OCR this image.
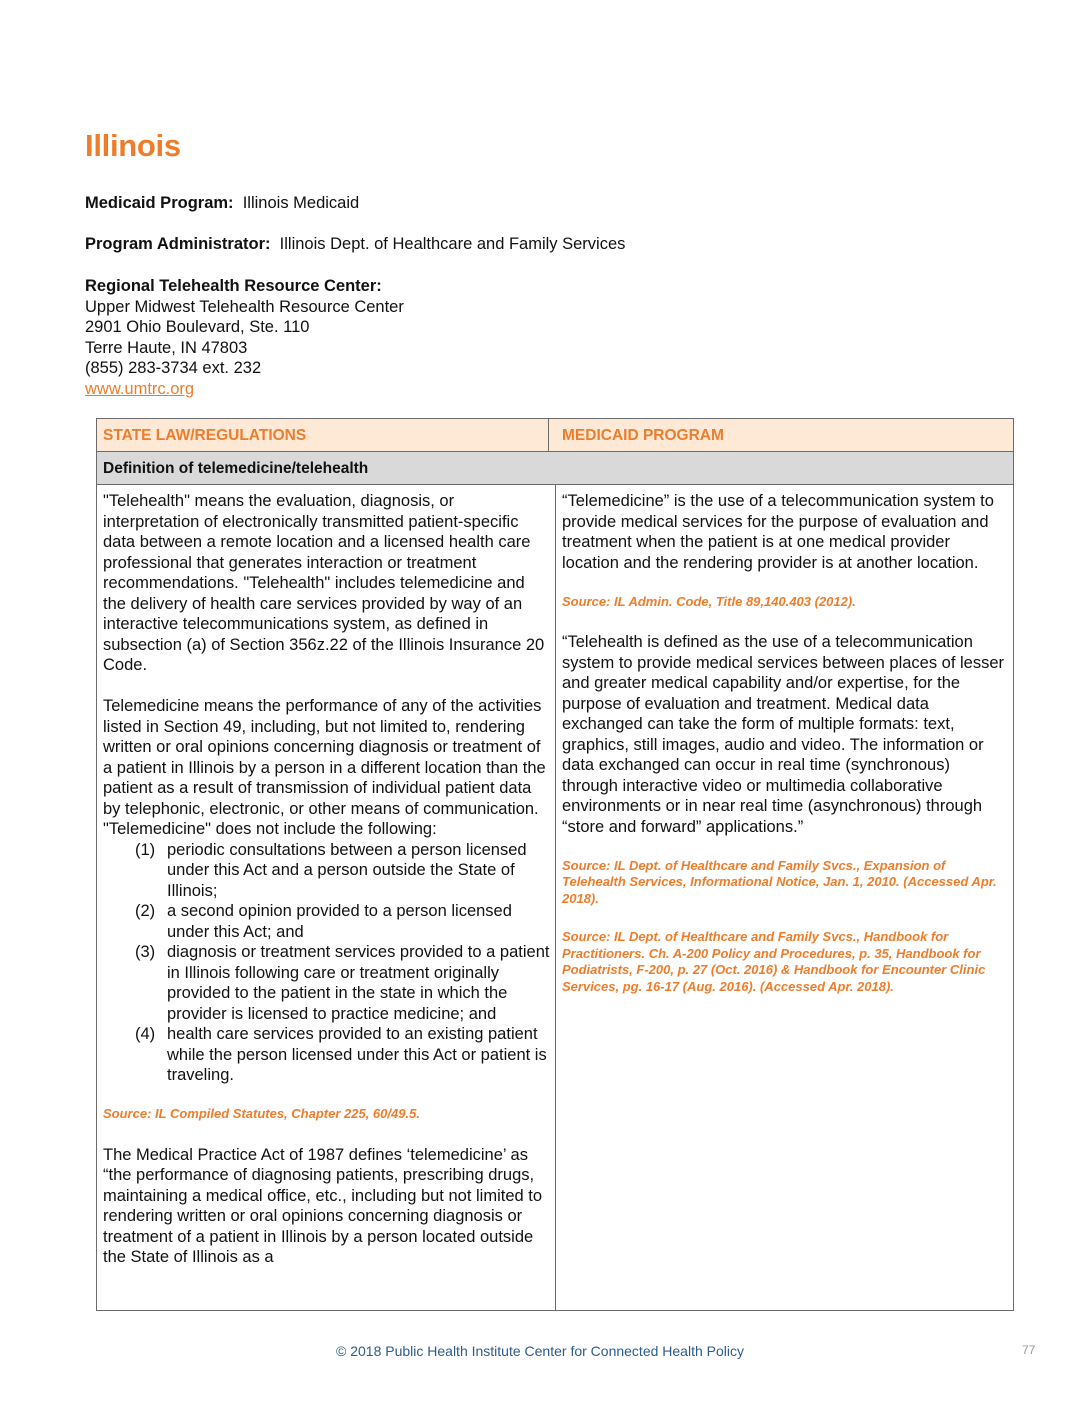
Illinois
Medicaid Program: Illinois Medicaid
Program Administrator: Illinois Dept. of Healthcare and Family Services
Regional Telehealth Resource Center:
Upper Midwest Telehealth Resource Center
2901 Ohio Boulevard, Ste. 110
Terre Haute, IN 47803
(855) 283-3734 ext. 232
www.umtrc.org
STATE LAW/REGULATIONS	MEDICAID PROGRAM
Definition of telemedicine/telehealth

"Telehealth" means the evaluation, diagnosis, or interpretation of electronically transmitted patient-specific data between a remote location and a licensed health care professional that generates interaction or treatment recommendations. "Telehealth" includes telemedicine and the delivery of health care services provided by way of an interactive telecommunications system, as defined in subsection (a) of Section 356z.22 of the Illinois Insurance 20 Code.

Telemedicine means the performance of any of the activities listed in Section 49, including, but not limited to, rendering written or oral opinions concerning diagnosis or treatment of a patient in Illinois by a person in a different location than the patient as a result of transmission of individual patient data by telephonic, electronic, or other means of communication. "Telemedicine" does not include the following:
(1) periodic consultations between a person licensed under this Act and a person outside the State of Illinois;
(2) a second opinion provided to a person licensed under this Act; and
(3) diagnosis or treatment services provided to a patient in Illinois following care or treatment originally provided to the patient in the state in which the provider is licensed to practice medicine; and
(4) health care services provided to an existing patient while the person licensed under this Act or patient is traveling.

Source: IL Compiled Statutes, Chapter 225, 60/49.5.

The Medical Practice Act of 1987 defines ‘telemedicine’ as “the performance of diagnosing patients, prescribing drugs, maintaining a medical office, etc., including but not limited to rendering written or oral opinions concerning diagnosis or treatment of a patient in Illinois by a person located outside the State of Illinois as a

“Telemedicine” is the use of a telecommunication system to provide medical services for the purpose of evaluation and treatment when the patient is at one medical provider location and the rendering provider is at another location.

Source: IL Admin. Code, Title 89,140.403 (2012).

“Telehealth is defined as the use of a telecommunication system to provide medical services between places of lesser and greater medical capability and/or expertise, for the purpose of evaluation and treatment. Medical data exchanged can take the form of multiple formats: text, graphics, still images, audio and video. The information or data exchanged can occur in real time (synchronous) through interactive video or multimedia collaborative environments or in near real time (asynchronous) through “store and forward” applications.”

Source: IL Dept. of Healthcare and Family Svcs., Expansion of Telehealth Services, Informational Notice, Jan. 1, 2010. (Accessed Apr. 2018).

Source: IL Dept. of Healthcare and Family Svcs., Handbook for Practitioners. Ch. A-200 Policy and Procedures, p. 35, Handbook for Podiatrists, F-200, p. 27 (Oct. 2016) & Handbook for Encounter Clinic Services, pg. 16-17 (Aug. 2016). (Accessed Apr. 2018).

© 2018 Public Health Institute Center for Connected Health Policy	77
